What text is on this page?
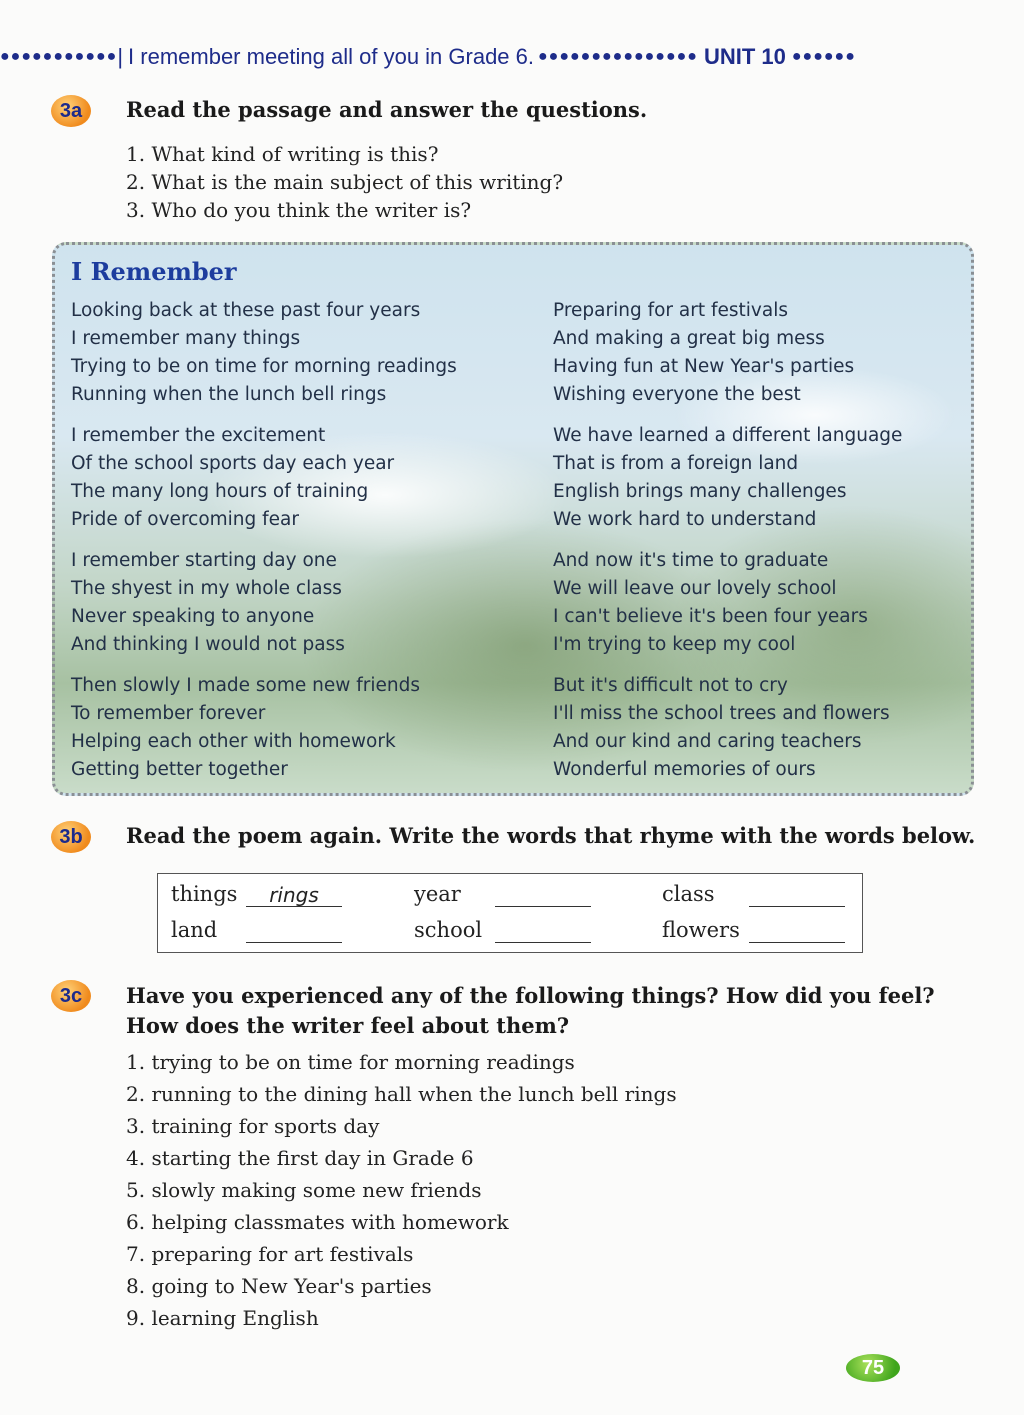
●●●●●●●●●●● | I remember meeting all of you in Grade 6. ●●●●●●●●●●●●●●● UNIT 10 ●●●●●●
3a	Read the passage and answer the questions.
1. What kind of writing is this?
2. What is the main subject of this writing?
3. Who do you think the writer is?
I Remember
Looking back at these past four years
I remember many things
Trying to be on time for morning readings
Running when the lunch bell rings
I remember the excitement
Of the school sports day each year
The many long hours of training
Pride of overcoming fear
I remember starting day one
The shyest in my whole class
Never speaking to anyone
And thinking I would not pass
Then slowly I made some new friends
To remember forever
Helping each other with homework
Getting better together
Preparing for art festivals
And making a great big mess
Having fun at New Year's parties
Wishing everyone the best
We have learned a different language
That is from a foreign land
English brings many challenges
We work hard to understand
And now it's time to graduate
We will leave our lovely school
I can't believe it's been four years
I'm trying to keep my cool
But it's difficult not to cry
I'll miss the school trees and flowers
And our kind and caring teachers
Wonderful memories of ours
3b	Read the poem again. Write the words that rhyme with the words below.
things	rings	year	class
land	school	flowers
3c	Have you experienced any of the following things? How did you feel?
How does the writer feel about them?
1. trying to be on time for morning readings
2. running to the dining hall when the lunch bell rings
3. training for sports day
4. starting the first day in Grade 6
5. slowly making some new friends
6. helping classmates with homework
7. preparing for art festivals
8. going to New Year's parties
9. learning English
75
